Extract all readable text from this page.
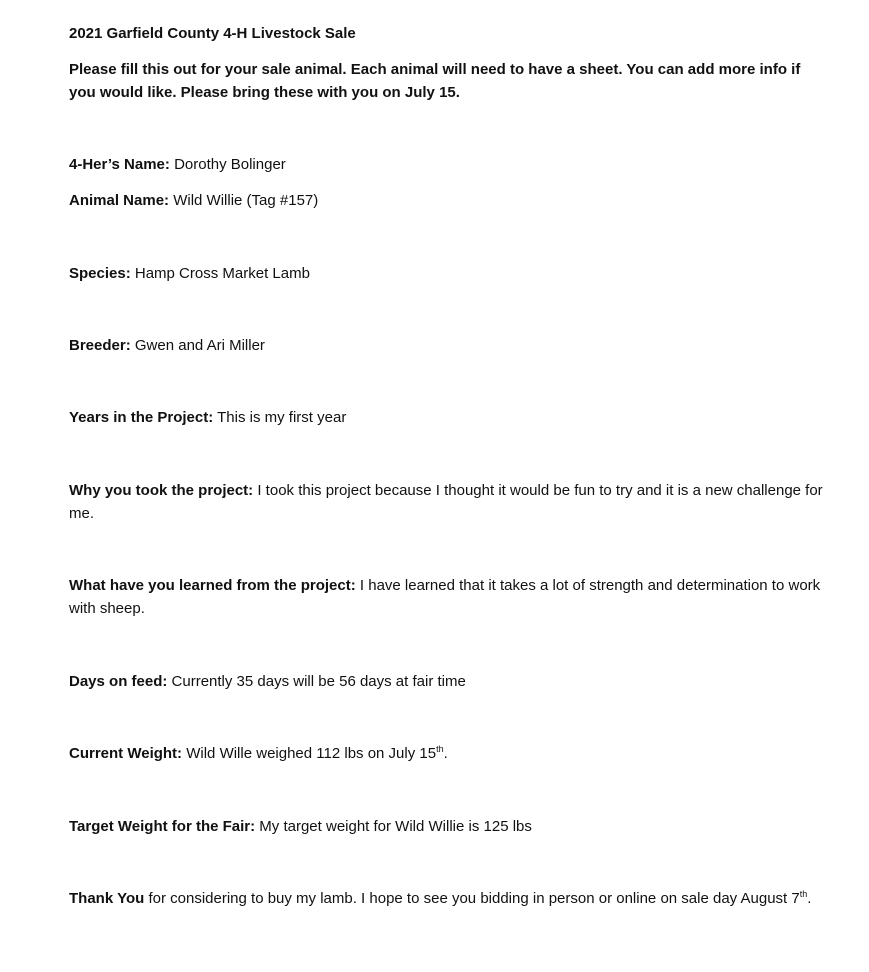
2021 Garfield County 4-H Livestock Sale
Please fill this out for your sale animal. Each animal will need to have a sheet. You can add more info if you would like. Please bring these with you on July 15.
4-Her’s Name: Dorothy Bolinger
Animal Name: Wild Willie (Tag #157)
Species: Hamp Cross Market Lamb
Breeder: Gwen and Ari Miller
Years in the Project: This is my first year
Why you took the project: I took this project because I thought it would be fun to try and it is a new challenge for me.
What have you learned from the project: I have learned that it takes a lot of strength and determination to work with sheep.
Days on feed: Currently 35 days will be 56 days at fair time
Current Weight: Wild Wille weighed 112 lbs on July 15th.
Target Weight for the Fair: My target weight for Wild Willie is 125 lbs
Thank You for considering to buy my lamb. I hope to see you bidding in person or online on sale day August 7th.
